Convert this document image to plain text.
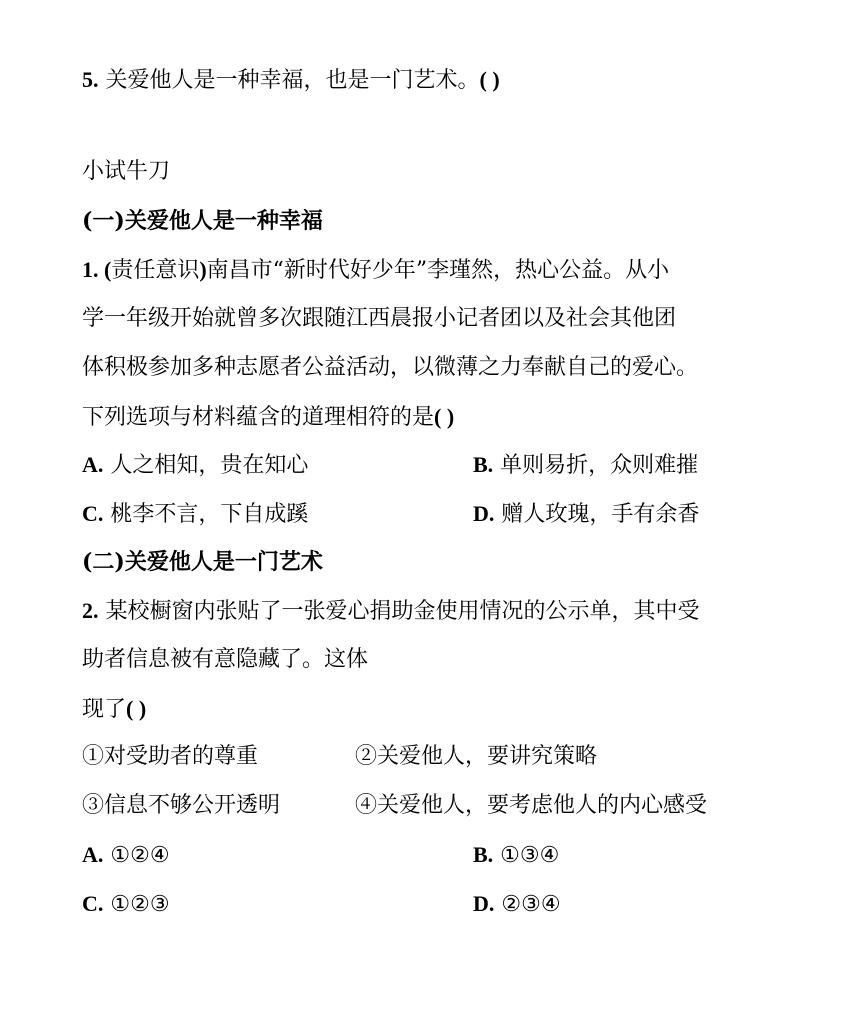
5. 关爱他人是一种幸福，也是一门艺术。( )
小试牛刀
(一)关爱他人是一种幸福
1. (责任意识)南昌市“新时代好少年”李瑾然，热心公益。从小
学一年级开始就曾多次跟随江西晨报小记者团以及社会其他团
体积极参加多种志愿者公益活动，以微薄之力奉献自己的爱心。
下列选项与材料蕴含的道理相符的是( )
A. 人之相知，贵在知心	B. 单则易折，众则难摧
C. 桃李不言，下自成蹊	D. 赠人玫瑰，手有余香
(二)关爱他人是一门艺术
2. 某校橱窗内张贴了一张爱心捐助金使用情况的公示单，其中受
助者信息被有意隐藏了。这体
现了( )
①对受助者的尊重	②关爱他人，要讲究策略
③信息不够公开透明	④关爱他人，要考虑他人的内心感受
A. ①②④	B. ①③④
C. ①②③	D. ②③④
